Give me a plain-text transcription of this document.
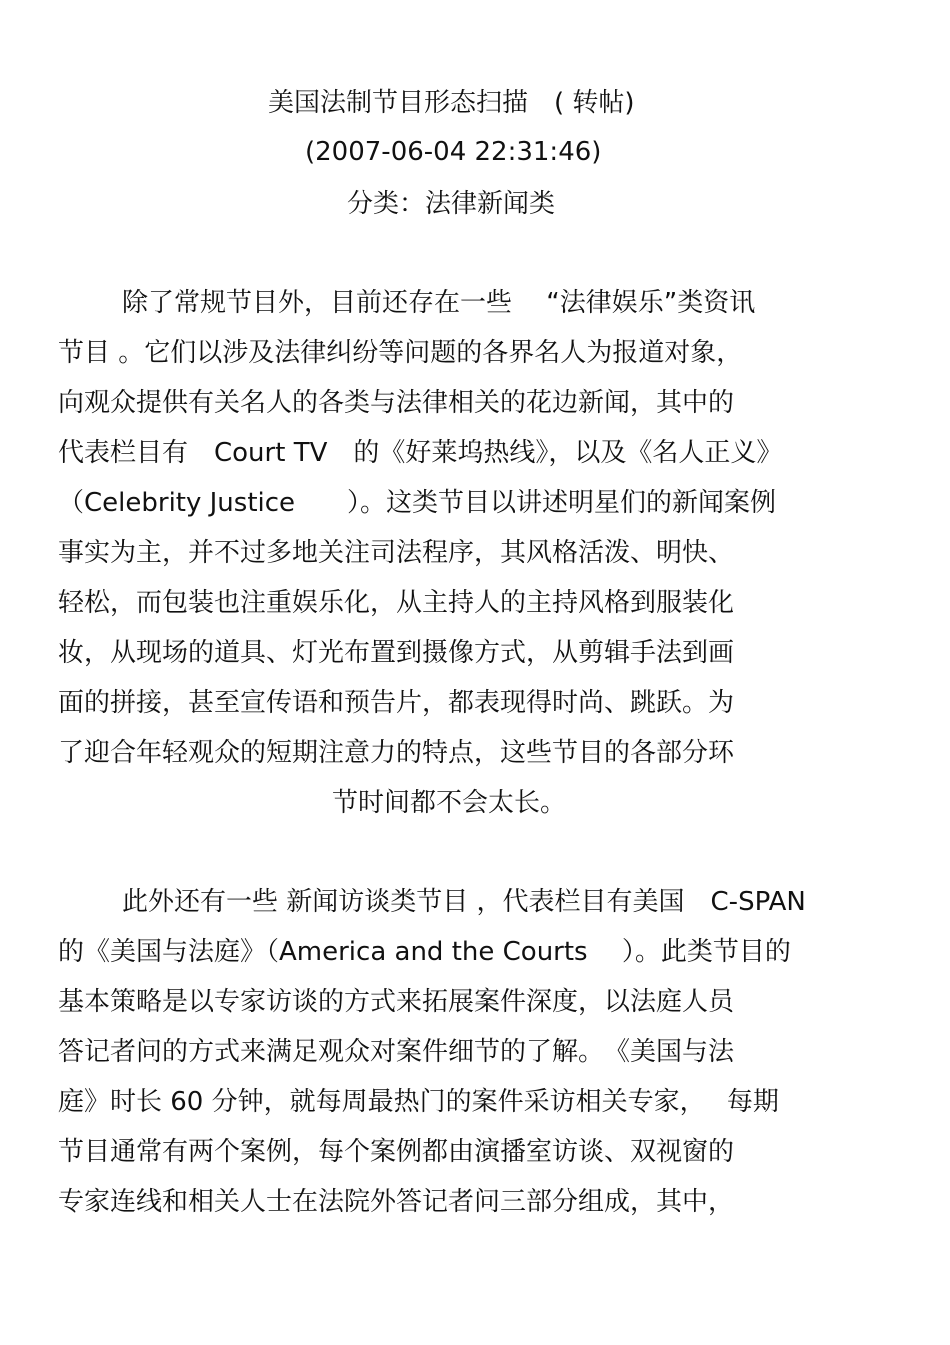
美国法制节目形态扫描　( 转帖)
(2007-06-04 22:31:46)
分类：法律新闻类
除了常规节目外，目前还存在一些　 “法律娱乐”类资讯
节目 。它们以涉及法律纠纷等问题的各界名人为报道对象，
向观众提供有关名人的各类与法律相关的花边新闻，其中的
代表栏目有　Court TV　的《好莱坞热线》，以及《名人正义》
（Celebrity Justice　　）。这类节目以讲述明星们的新闻案例
事实为主，并不过多地关注司法程序，其风格活泼、明快、
轻松，而包装也注重娱乐化，从主持人的主持风格到服装化
妆，从现场的道具、灯光布置到摄像方式，从剪辑手法到画
面的拼接，甚至宣传语和预告片，都表现得时尚、跳跃。为
了迎合年轻观众的短期注意力的特点，这些节目的各部分环
节时间都不会太长。
此外还有一些 新闻访谈类节目 ，代表栏目有美国　C-SPAN
的《美国与法庭》（America and the Courts　 ）。此类节目的
基本策略是以专家访谈的方式来拓展案件深度，以法庭人员
答记者问的方式来满足观众对案件细节的了解。　《美国与法
庭》时长 60 分钟，就每周最热门的案件采访相关专家，　 每期
节目通常有两个案例，每个案例都由演播室访谈、双视窗的
专家连线和相关人士在法院外答记者问三部分组成，其中，
